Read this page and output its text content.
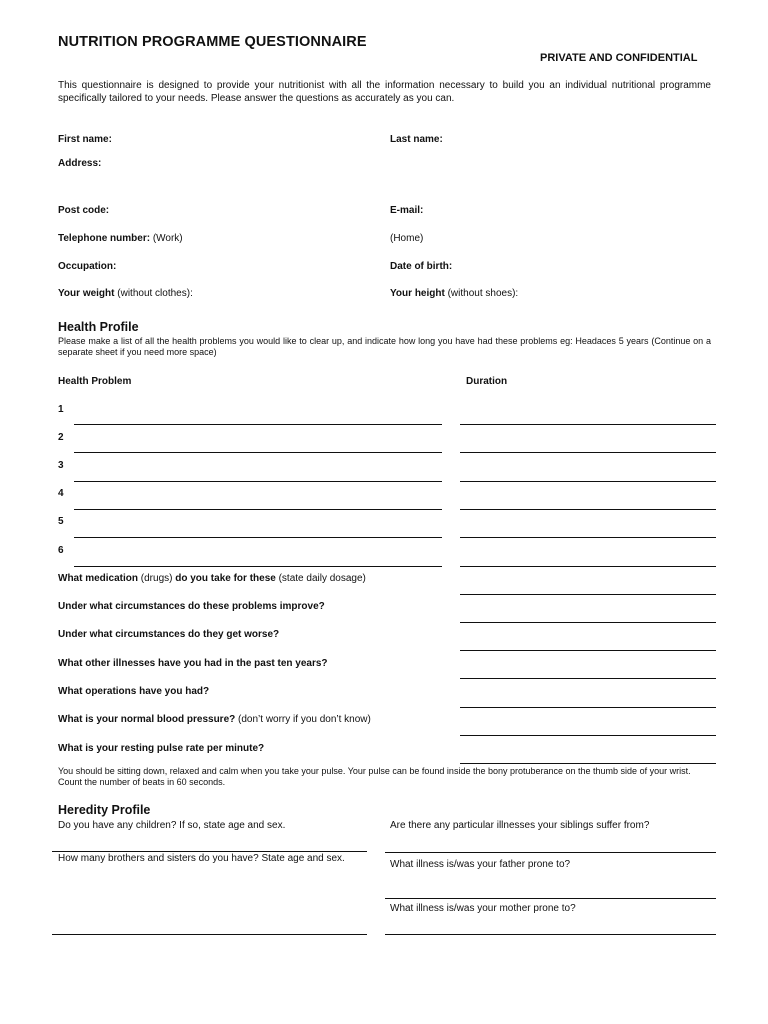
NUTRITION PROGRAMME QUESTIONNAIRE
PRIVATE AND CONFIDENTIAL
This questionnaire is designed to provide your nutritionist with all the information necessary to build you an individual nutritional programme specifically tailored to your needs. Please answer the questions as accurately as you can.
First name:	Last name:
Address:
Post code:	E-mail:
Telephone number: (Work)	(Home)
Occupation:	Date of birth:
Your weight (without clothes):	Your height (without shoes):
Health Profile
Please make a list of all the health problems you would like to clear up, and indicate how long you have had these problems eg: Headaces 5 years (Continue on a separate sheet if you need more space)
Health Problem	Duration
1
2
3
4
5
6
What medication (drugs) do you take for these (state daily dosage)
Under what circumstances do these problems improve?
Under what circumstances do they get worse?
What other illnesses have you had in the past ten years?
What operations have you had?
What is your normal blood pressure? (don’t worry if you don’t know)
What is your resting pulse rate per minute?
You should be sitting down, relaxed and calm when you take your pulse. Your pulse can be found inside the bony protuberance on the thumb side of your wrist. Count the number of beats in 60 seconds.
Heredity Profile
Do you have any children? If so, state age and sex.	Are there any particular illnesses your siblings suffer from?
How many brothers and sisters do you have? State age and sex.
What illness is/was your father prone to?
What illness is/was your mother prone to?
